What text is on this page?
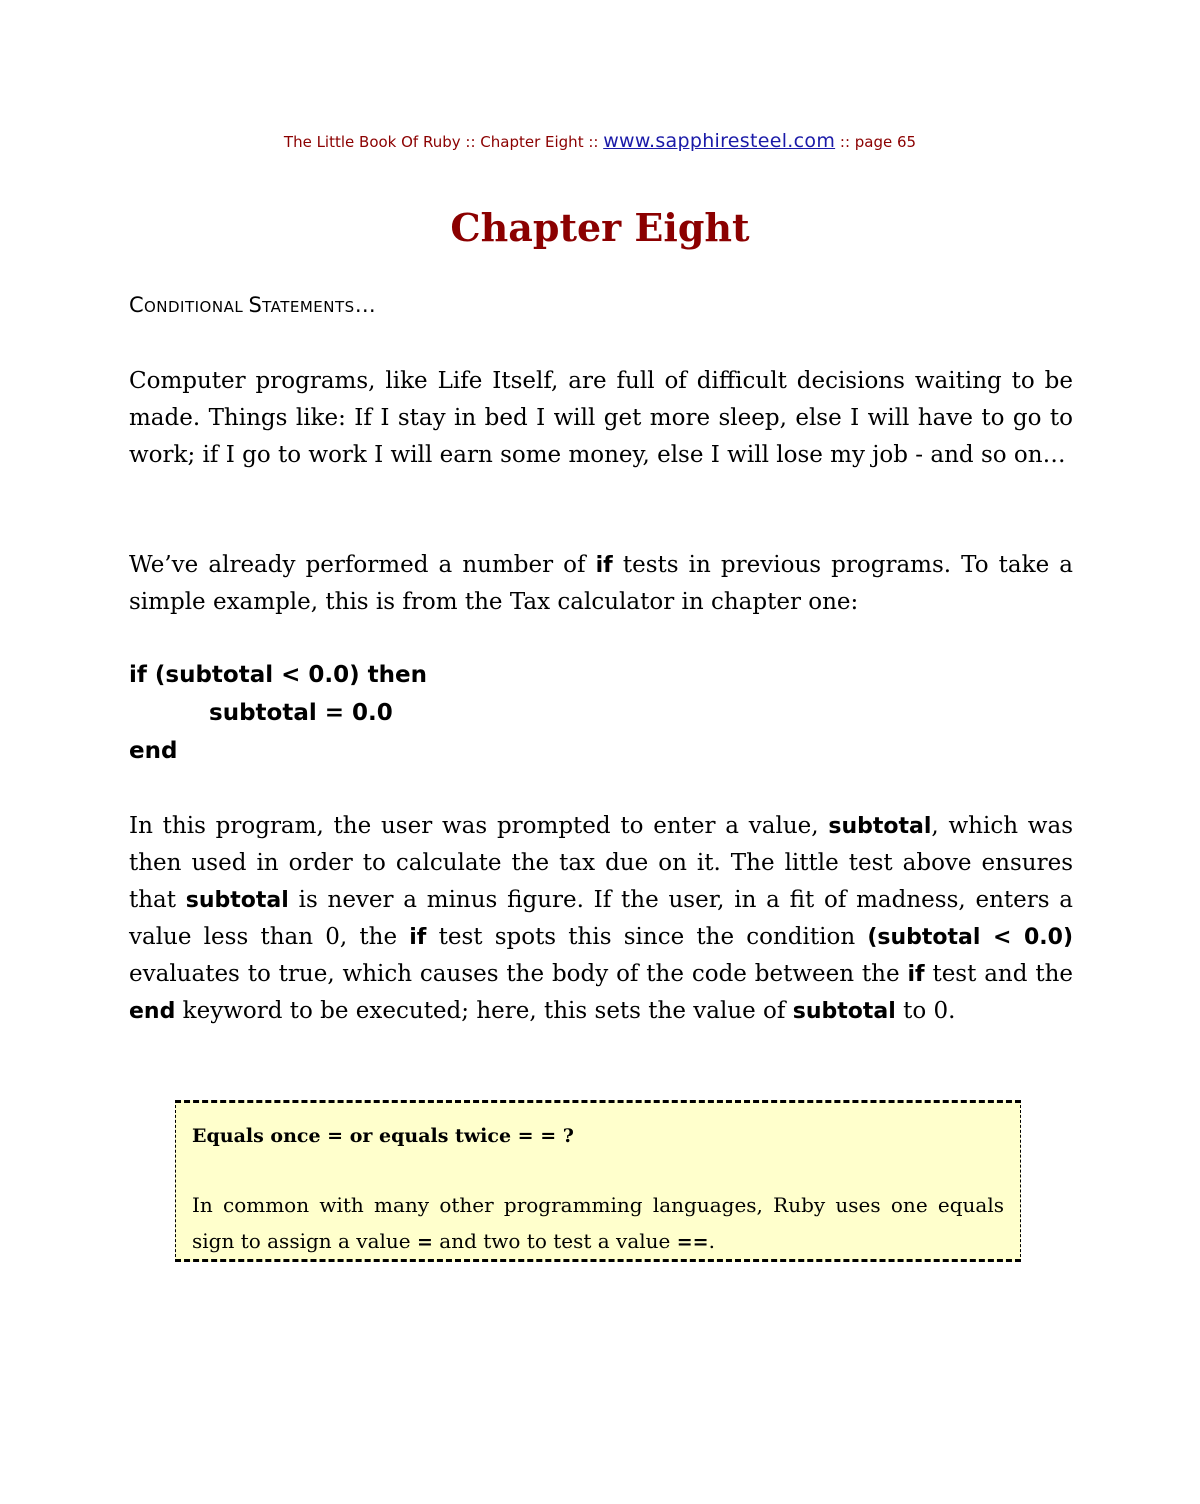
The Little Book Of Ruby :: Chapter Eight :: www.sapphiresteel.com :: page 65
Chapter Eight
CONDITIONAL STATEMENTS…

Computer programs, like Life Itself, are full of difficult decisions waiting to be made. Things like: If I stay in bed I will get more sleep, else I will have to go to work; if I go to work I will earn some money, else I will lose my job - and so on…

We’ve already performed a number of if tests in previous programs. To take a simple example, this is from the Tax calculator in chapter one:

if (subtotal < 0.0) then
subtotal = 0.0
end

In this program, the user was prompted to enter a value, subtotal, which was then used in order to calculate the tax due on it. The little test above ensures that subtotal is never a minus figure. If the user, in a fit of madness, enters a value less than 0, the if test spots this since the condition (subtotal < 0.0) evaluates to true, which causes the body of the code between the if test and the end keyword to be executed; here, this sets the value of subtotal to 0.

Equals once = or equals twice = = ?

In common with many other programming languages, Ruby uses one equals sign to assign a value = and two to test a value ==.
